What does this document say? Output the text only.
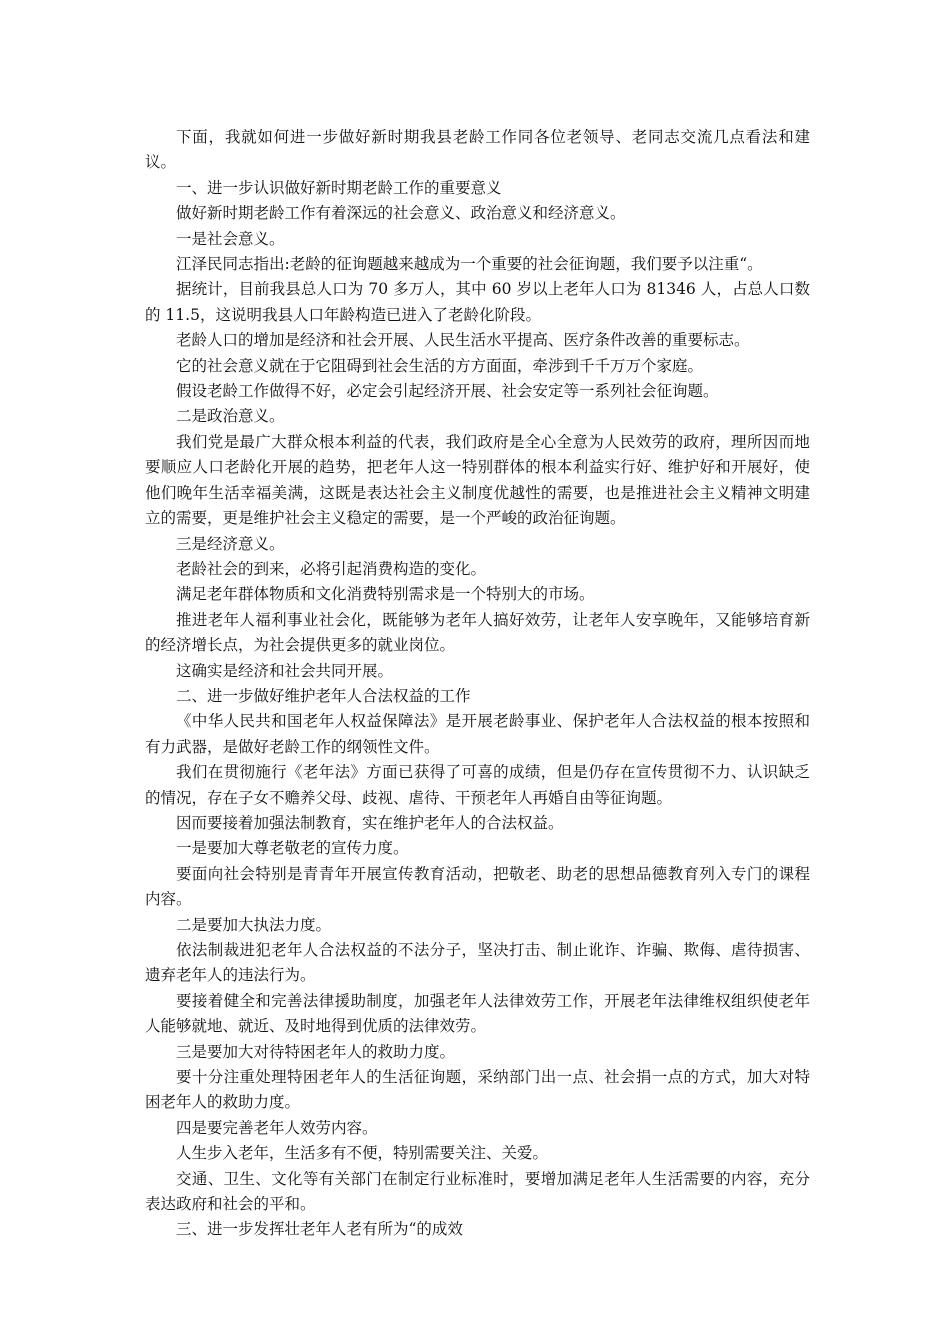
下面，我就如何进一步做好新时期我县老龄工作同各位老领导、老同志交流几点看法和建议。

一、进一步认识做好新时期老龄工作的重要意义

做好新时期老龄工作有着深远的社会意义、政治意义和经济意义。

一是社会意义。

江泽民同志指出:老龄的征询题越来越成为一个重要的社会征询题，我们要予以注重“。

据统计，目前我县总人口为 70 多万人，其中 60 岁以上老年人口为 81346 人，占总人口数的 11.5，这说明我县人口年龄构造已进入了老龄化阶段。

老龄人口的增加是经济和社会开展、人民生活水平提高、医疗条件改善的重要标志。

它的社会意义就在于它阻碍到社会生活的方方面面，牵涉到千千万万个家庭。

假设老龄工作做得不好，必定会引起经济开展、社会安定等一系列社会征询题。

二是政治意义。

我们党是最广大群众根本利益的代表，我们政府是全心全意为人民效劳的政府，理所因而地要顺应人口老龄化开展的趋势，把老年人这一特别群体的根本利益实行好、维护好和开展好，使他们晚年生活幸福美满，这既是表达社会主义制度优越性的需要，也是推进社会主义精神文明建立的需要，更是维护社会主义稳定的需要，是一个严峻的政治征询题。

三是经济意义。

老龄社会的到来，必将引起消费构造的变化。

满足老年群体物质和文化消费特别需求是一个特别大的市场。

推进老年人福利事业社会化，既能够为老年人搞好效劳，让老年人安享晚年，又能够培育新的经济增长点，为社会提供更多的就业岗位。

这确实是经济和社会共同开展。

二、进一步做好维护老年人合法权益的工作

《中华人民共和国老年人权益保障法》是开展老龄事业、保护老年人合法权益的根本按照和有力武器，是做好老龄工作的纲领性文件。

我们在贯彻施行《老年法》方面已获得了可喜的成绩，但是仍存在宣传贯彻不力、认识缺乏的情况，存在子女不赡养父母、歧视、虐待、干预老年人再婚自由等征询题。

因而要接着加强法制教育，实在维护老年人的合法权益。

一是要加大尊老敬老的宣传力度。

要面向社会特别是青青年开展宣传教育活动，把敬老、助老的思想品德教育列入专门的课程内容。

二是要加大执法力度。

依法制裁进犯老年人合法权益的不法分子，坚决打击、制止讹诈、诈骗、欺侮、虐待损害、遗弃老年人的违法行为。

要接着健全和完善法律援助制度，加强老年人法律效劳工作，开展老年法律维权组织使老年人能够就地、就近、及时地得到优质的法律效劳。

三是要加大对待特困老年人的救助力度。

要十分注重处理特困老年人的生活征询题，采纳部门出一点、社会捐一点的方式，加大对特困老年人的救助力度。

四是要完善老年人效劳内容。

人生步入老年，生活多有不便，特别需要关注、关爱。

交通、卫生、文化等有关部门在制定行业标准时，要增加满足老年人生活需要的内容，充分表达政府和社会的平和。

三、进一步发挥壮老年人老有所为“的成效
